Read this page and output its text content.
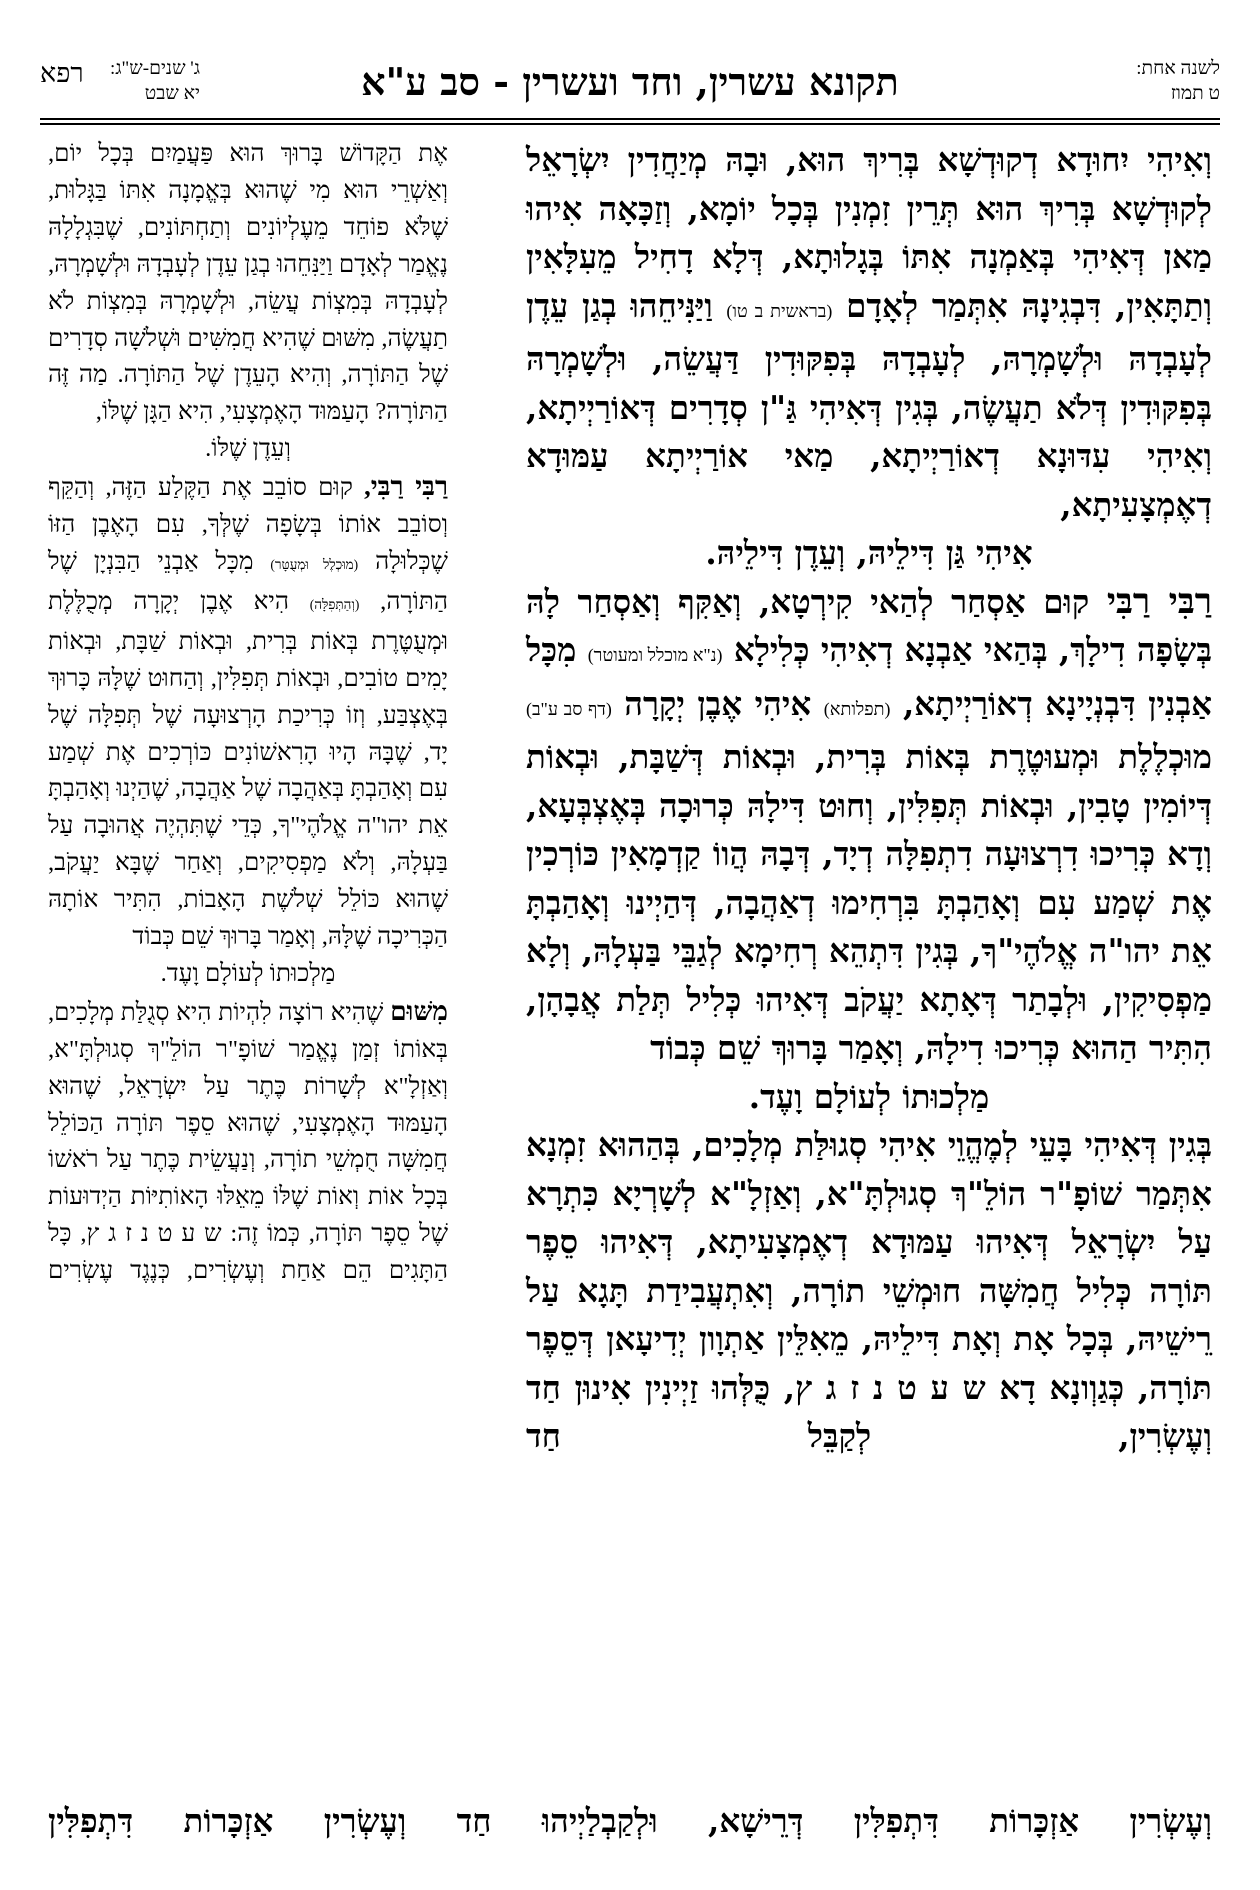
לשנה אחת:
ט תמוז
תקונא עשרין, וחד ועשרין - סב ע"א
ג' שנים-ש"ג:
יא שבט
רפא

וְאִיהִי יִחוּדָא דְקוּדְשָׁא בְּרִיךְ הוּא, וּבָהּ מְיַחֲדִין יִשְׂרָאֵל לְקוּדְשָׁא בְּרִיךְ הוּא תְּרֵין זִמְנִין בְּכָל יוֹמָא, וְזַכָּאָה אִיהוּ מַאן דְּאִיהִי בְּאַמְנָה אִתּוֹ בְּגָלוּתָא, דְּלָא דָחִיל מֵעִלָּאִין וְתַתָּאִין, דִּבְגִינָהּ אִתְּמַר לְאָדָם (בראשית ב טו) וַיַּנִּיחֵהוּ בְגַן עֵדֶן לְעָבְדָהּ וּלְשָׁמְרָהּ, לְעָבְדָהּ בְּפִקּוּדִין דַּעֲשֵׂה, וּלְשָׁמְרָהּ בְּפִקּוּדִין דְּלֹא תַעֲשֶׂה, בְּגִין דְּאִיהִי גַּ"ן סְדָרִים דְּאוֹרַיְיתָא, וְאִיהִי עִדּוּנָא דְאוֹרַיְיתָא, מַאי אוֹרַיְיתָא עַמּוּדָא דְאֶמְצָעִיתָא,

אִיהִי גַּן דִּילֵיהּ, וְעֵדֶן דִּילֵיהּ.

רַבִּי רַבִּי קוּם אַסְחַר לְהַאי קִירְטָא, וְאַקִּף וְאַסְחַר לָהּ בְּשָׂפָה דִילָךְ, בְּהַאי אַבְנָא דְאִיהִי כְּלִילָא (נ"א מוכלל ומעוטר) מִכָּל אַבְנִין דִּבְנְיָינָא דְאוֹרַיְיתָא, (תפלותא) אִיהִי אֶבֶן יְקָרָה (דף סב ע"ב) מוּכְלֶלֶת וּמְעוּטֶרֶת בְּאוֹת בְּרִית, וּבְאוֹת דְּשַׁבָּת, וּבְאוֹת דְּיוֹמִין טָבִין, וּבְאוֹת תְּפִלִּין, וְחוּט דִּילָהּ כְּרוּכָה בְּאֶצְבְּעָא, וְדָא כְּרִיכוּ דִרְצוּעָה דִתְפִלָּה דְיָד, דְּבָהּ הֲווֹ קַדְמָאִין כּוֹרְכִין אֶת שְׁמַע עִם וְאָהַבְתָּ בִּרְחִימוּ דְאַהֲבָה, דְּהַיְינוּ וְאָהַבְתָּ אֵת יהו"ה אֱלֹהֶי"ךָ, בְּגִין דִּתְהֵא רְחִימָא לְגַבֵּי בַּעְלָהּ, וְלָא מַפְסִיקִין, וּלְבָתַר דְּאָתָא יַעֲקֹב דְּאִיהוּ כְּלִיל תְּלַת אֲבָהָן, הִתִּיר הַהוּא כְּרִיכוּ דִילָהּ, וְאָמַר בָּרוּךְ שֵׁם כְּבוֹד

מַלְכוּתוֹ לְעוֹלָם וָעֶד.

בְּגִין דְּאִיהִי בָּעֵי לְמֶהֱוֵי אִיהִי סְגוּלַּת מְלָכִים, בְּהַהוּא זִמְנָא אִתְּמַר שׁוֹפָ"ר הוֹלֵ"ךְ סְגוּלְתָּ"א, וְאַזְלָ"א לְשָׁרְיָא כִּתְרָא עַל יִשְׂרָאֵל דְּאִיהוּ עַמּוּדָא דְאֶמְצָעִיתָא, דְּאִיהוּ סֵפֶר תּוֹרָה כְּלִיל חֲמִשָּׁה חוּמְשֵׁי תוֹרָה, וְאִתְעֲבִידַת תָּגָא עַל רֵישֵׁיהּ, בְּכָל אָת וְאָת דִּילֵיהּ, מֵאִלֵּין אַתְוָון יְדִיעָאן דְּסֵפֶר תּוֹרָה, כְּגַוְונָא דָא ש ע ט נ ז ג ץ, כֻּלְּהוּ זַיְינִין אִינוּן חַד וְעֶשְׂרִין, לְקַבֵּל חַד

אֶת הַקָּדוֹשׁ בָּרוּךְ הוּא פַּעֲמַיִם בְּכָל יוֹם, וְאַשְׁרֵי הוּא מִי שֶׁהוּא בְּאֱמָנָה אִתּוֹ בַּגָּלוּת, שֶׁלֹּא פוֹחֵד מֵעֶלְיוֹנִים וְתַחְתּוֹנִים, שֶׁבִּגְלָלָהּ נֶאֱמַר לְאָדָם וַיַּנִּחֵהוּ בְגַן עֵדֶן לְעָבְדָהּ וּלְשָׁמְרָהּ, לְעָבְדָהּ בְּמִצְוֹת עֲשֵׂה, וּלְשָׁמְרָהּ בְּמִצְוֹת לֹא תַעֲשֶׂה, מִשּׁוּם שֶׁהִיא חֲמִשִּׁים וּשְׁלֹשָׁה סְדָרִים שֶׁל הַתּוֹרָה, וְהִיא הָעֵדֶן שֶׁל הַתּוֹרָה. מַה זֶּה הַתּוֹרָה? הָעַמּוּד הָאֶמְצָעִי, הִיא הַגָּן שֶׁלּוֹ,

וְעֵדֶן שֶׁלּוֹ.

רַבִּי רַבִּי, קוּם סוֹבֵב אֶת הַקֶּלַע הַזֶּה, וְהַקֵּף וְסוֹבֵב אוֹתוֹ בְּשָׂפָה שֶׁלְּךָ, עִם הָאֶבֶן הַזּוֹ שֶׁכְּלוּלָה (מוּכְלֶל וּמְעֻטָּר) מִכָּל אַבְנֵי הַבִּנְיָן שֶׁל הַתּוֹרָה, (וְהַתְּפִלָּה) הִיא אֶבֶן יְקָרָה מְכֻלֶּלֶת וּמְעֻטֶּרֶת בְּאוֹת בְּרִית, וּבְאוֹת שַׁבָּת, וּבְאוֹת יָמִים טוֹבִים, וּבְאוֹת תְּפִלִּין, וְהַחוּט שֶׁלָּהּ כָּרוּךְ בְּאֶצְבַּע, וְזוֹ כְּרִיכַת הָרְצוּעָה שֶׁל תְּפִלָּה שֶׁל יָד, שֶׁבָּהּ הָיוּ הָרִאשׁוֹנִים כּוֹרְכִים אֶת שְׁמַע עִם וְאָהַבְתָּ בְּאַהֲבָה שֶׁל אַהֲבָה, שֶׁהַיְנוּ וְאָהַבְתָּ אֵת יהו"ה אֱלֹהֶי"ךָ, כְּדֵי שֶׁתִּהְיֶה אֲהוּבָה עַל בַּעְלָהּ, וְלֹא מַפְסִיקִים, וְאַחַר שֶׁבָּא יַעֲקֹב, שֶׁהוּא כּוֹלֵל שְׁלֹשֶׁת הָאָבוֹת, הִתִּיר אוֹתָהּ הַכְּרִיכָה שֶׁלָּהּ, וְאָמַר בָּרוּךְ שֵׁם כְּבוֹד

מַלְכוּתוֹ לְעוֹלָם וָעֶד.

מִשּׁוּם שֶׁהִיא רוֹצָה לִהְיוֹת הִיא סְגֻלַּת מְלָכִים, בְּאוֹתוֹ זְמַן נֶאֱמַר שׁוֹפָ"ר הוֹלֵ"ךְ סְגוּלְתָּ"א, וְאַזְלָ"א לְשָׁרוֹת כֶּתֶר עַל יִשְׂרָאֵל, שֶׁהוּא הָעַמּוּד הָאֶמְצָעִי, שֶׁהוּא סֵפֶר תּוֹרָה הַכּוֹלֵל חֲמִשָּׁה חֻמְשֵׁי תוֹרָה, וְנַעֲשֵׂית כֶּתֶר עַל רֹאשׁוֹ בְּכָל אוֹת וְאוֹת שֶׁלּוֹ מֵאֵלּוּ הָאוֹתִיּוֹת הַיְדוּעוֹת שֶׁל סֵפֶר תּוֹרָה, כְּמוֹ זֶה: ש ע ט נ ז ג ץ, כָּל הַתָּגִים הֵם אַחַת וְעֶשְׂרִים, כְּנֶגֶד עֶשְׂרִים

וְעֶשְׂרִין אַזְכָּרוֹת דִּתְפִלִּין דְּרֵישָׁא, וּלְקַבְלַיְיהוּ חַד וְעֶשְׂרִין אַזְכָּרוֹת דִּתְפִלִּין
